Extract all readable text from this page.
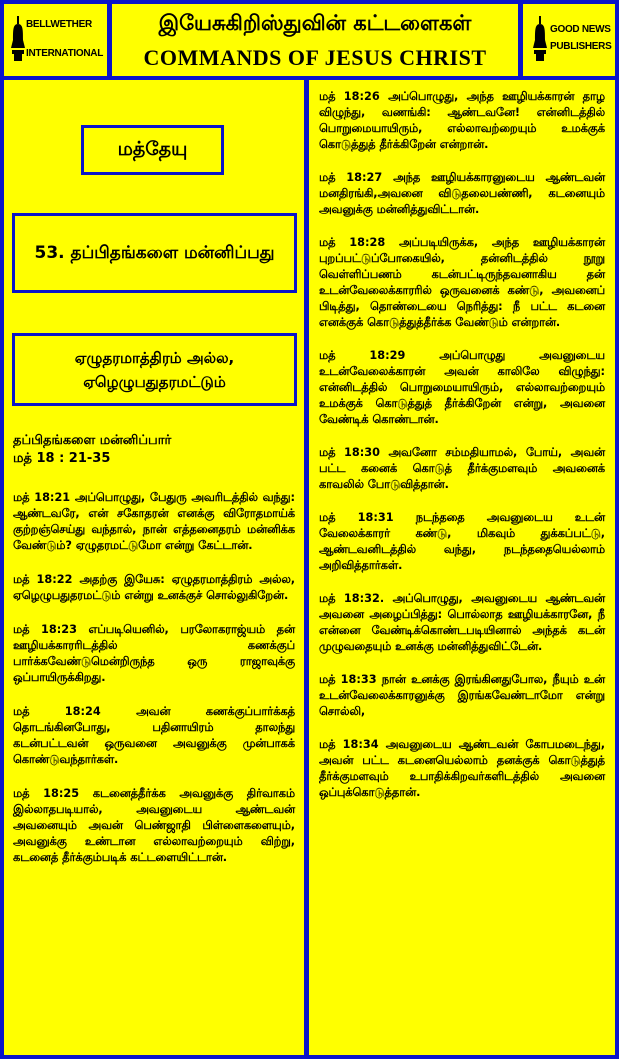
BELLWETHER
INTERNATIONAL
இயேசுகிறிஸ்துவின் கட்டளைகள்
COMMANDS OF JESUS CHRIST
GOOD NEWS
PUBLISHERS
மத்தேயு
53. தப்பிதங்களை மன்னிப்பது
ஏழுதரமாத்திரம் அல்ல, ஏழெழுபதுதரமட்டும்
தப்பிதங்களை மன்னிப்பார்
மத் 18 : 21-35

மத் 18:21 அப்பொழுது, பேதுரு அவரிடத்தில் வந்து: ஆண்டவரே, என் சகோதரன் எனக்கு விரோதமாய்க் குற்றஞ்செய்து வந்தால், நான் எத்தனைதரம் மன்னிக்க வேண்டும்? ஏழுதரமட்டுமோ என்று கேட்டான்.

மத் 18:22 அதற்கு இயேசு: ஏழுதரமாத்திரம் அல்ல, ஏழெழுபதுதரமட்டும் என்று உனக்குச் சொல்லுகிறேன்.

மத் 18:23 எப்படியெனில், பரலோகராஜ்யம் தன் ஊழியக்காரரிடத்தில் கணக்குப் பார்க்கவேண்டுமென்றிருந்த ஒரு ராஜாவுக்கு ஒப்பாயிருக்கிறது.

மத் 18:24 அவன் கணக்குப்பார்க்கத் தொடங்கினபோது, பதினாயிரம் தாலந்து கடன்பட்டவன் ஒருவனை அவனுக்கு முன்பாகக் கொண்டுவந்தார்கள்.

மத் 18:25 கடனைத்தீர்க்க அவனுக்கு திர்வாகம் இல்லாதபடியால், அவனுடைய ஆண்டவன் அவனையும் அவன் பெண்ஜாதி பிள்ளைகளையும், அவனுக்கு உண்டான எல்லாவற்றையும் விற்று, கடனைத் தீர்க்கும்படிக் கட்டளையிட்டான்.

மத் 18:26 அப்பொழுது, அந்த ஊழியக்காரன் தாழ விழுந்து, வணங்கி: ஆண்டவனே! என்னிடத்தில் பொறுமையாயிரும், எல்லாவற்றையும் உமக்குக் கொடுத்துத் தீர்க்கிறேன் என்றான்.

மத் 18:27 அந்த ஊழியக்காரனுடைய ஆண்டவன் மனதிரங்கி,அவனை விடுதலைபண்ணி, கடனையும் அவனுக்கு மன்னித்துவிட்டான்.

மத் 18:28 அப்படியிருக்க, அந்த ஊழியக்காரன் புறப்பட்டுப்போகையில், தன்னிடத்தில் நூறு வெள்ளிப்பணம் கடன்பட்டிருந்தவனாகிய தன் உடன்வேலைக்காரரில் ஒருவனைக் கண்டு, அவனைப் பிடித்து, தொண்டையை நெரித்து: நீ பட்ட கடனை எனக்குக் கொடுத்துத்தீர்க்க வேண்டும் என்றான்.

மத் 18:29 அப்பொழுது அவனுடைய உடன்வேலைக்காரன் அவன் காலிலே விழுந்து: என்னிடத்தில் பொறுமையாயிரும், எல்லாவற்றையும் உமக்குக் கொடுத்துத் தீர்க்கிறேன் என்று, அவனை வேண்டிக் கொண்டான்.

மத் 18:30 அவனோ சம்மதியாமல், போய், அவன் பட்ட கனைக் கொடுத் தீர்க்குமளவும் அவனைக் காவலில் போடுவித்தான்.

மத் 18:31 நடந்ததை அவனுடைய உடன் வேலைக்காரர் கண்டு, மிகவும் துக்கப்பட்டு, ஆண்டவனிடத்தில் வந்து, நடந்ததையெல்லாம் அறிவித்தார்கள்.

மத் 18:32. அப்பொழுது, அவனுடைய ஆண்டவன் அவனை அழைப்பித்து: பொல்லாத ஊழியக்காரனே, நீ என்னை வேண்டிக்கொண்டபடியினால் அந்தக் கடன் முழுவதையும் உனக்கு மன்னித்துவிட்டேன்.

மத் 18:33 நான் உனக்கு இரங்கினதுபோல, நீயும் உன் உடன்வேலைக்காரனுக்கு இரங்கவேண்டாமோ என்று சொல்லி,

மத் 18:34 அவனுடைய ஆண்டவன் கோபமடைந்து, அவன் பட்ட கடனையெல்லாம் தனக்குக் கொடுத்துத் தீர்க்குமளவும் உபாதிக்கிறவர்களிடத்தில் அவனை ஒப்புக்கொடுத்தான்.
